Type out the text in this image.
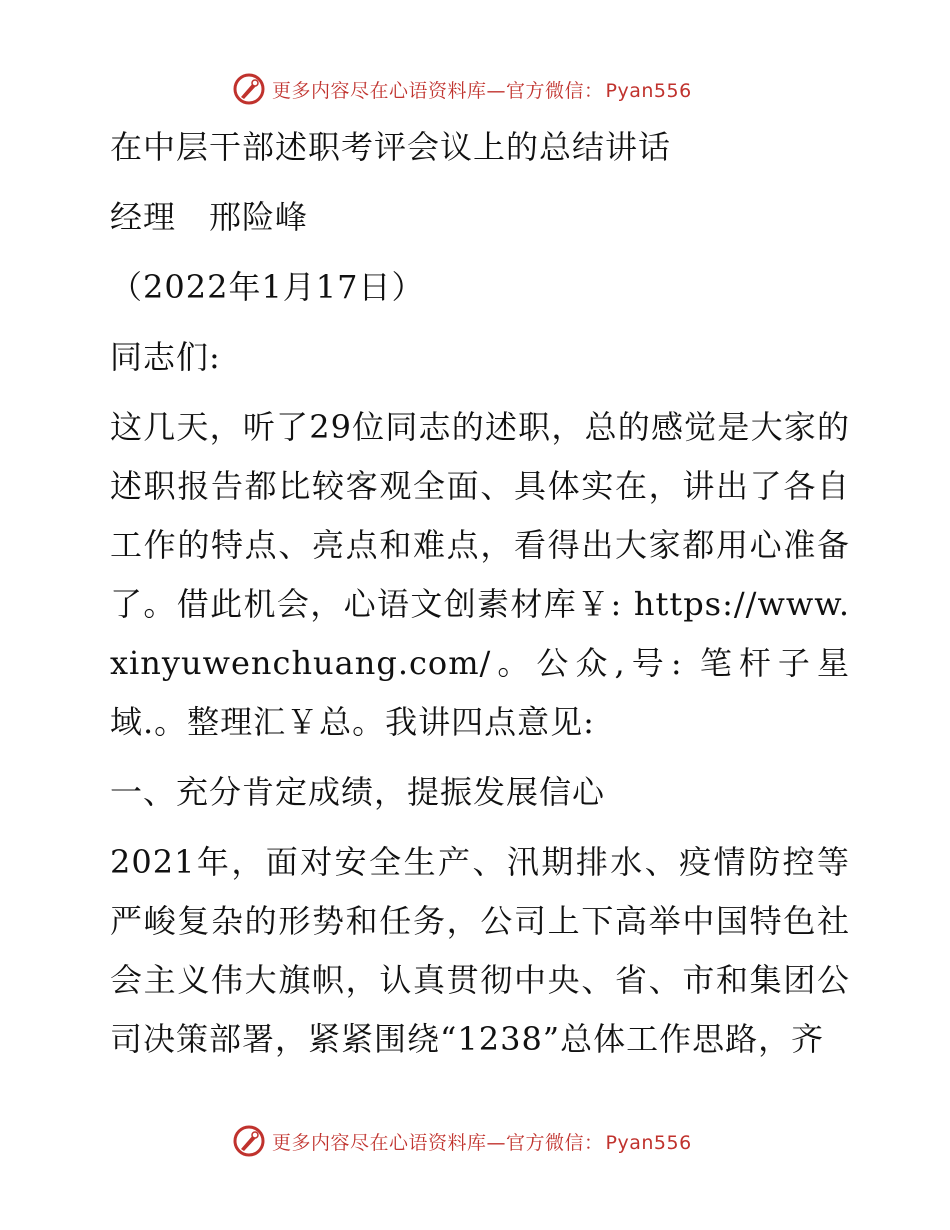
更多内容尽在心语资料库—官方微信： Pyan556

在中层干部述职考评会议上的总结讲话

经理　邢险峰

（2022年1月17日）

同志们:

这几天，听了29位同志的述职，总的感觉是大家的述职报告都比较客观全面、具体实在，讲出了各自工作的特点、亮点和难点，看得出大家都用心准备了。借此机会，心语文创素材库￥: https://www.xinyuwenchuang.com/。公众,号: 笔杆子星域.。整理汇￥总。我讲四点意见:

一、充分肯定成绩，提振发展信心

2021年，面对安全生产、汛期排水、疫情防控等严峻复杂的形势和任务，公司上下高举中国特色社会主义伟大旗帜，认真贯彻中央、省、市和集团公司决策部署，紧紧围绕“1238”总体工作思路，齐

更多内容尽在心语资料库—官方微信： Pyan556
